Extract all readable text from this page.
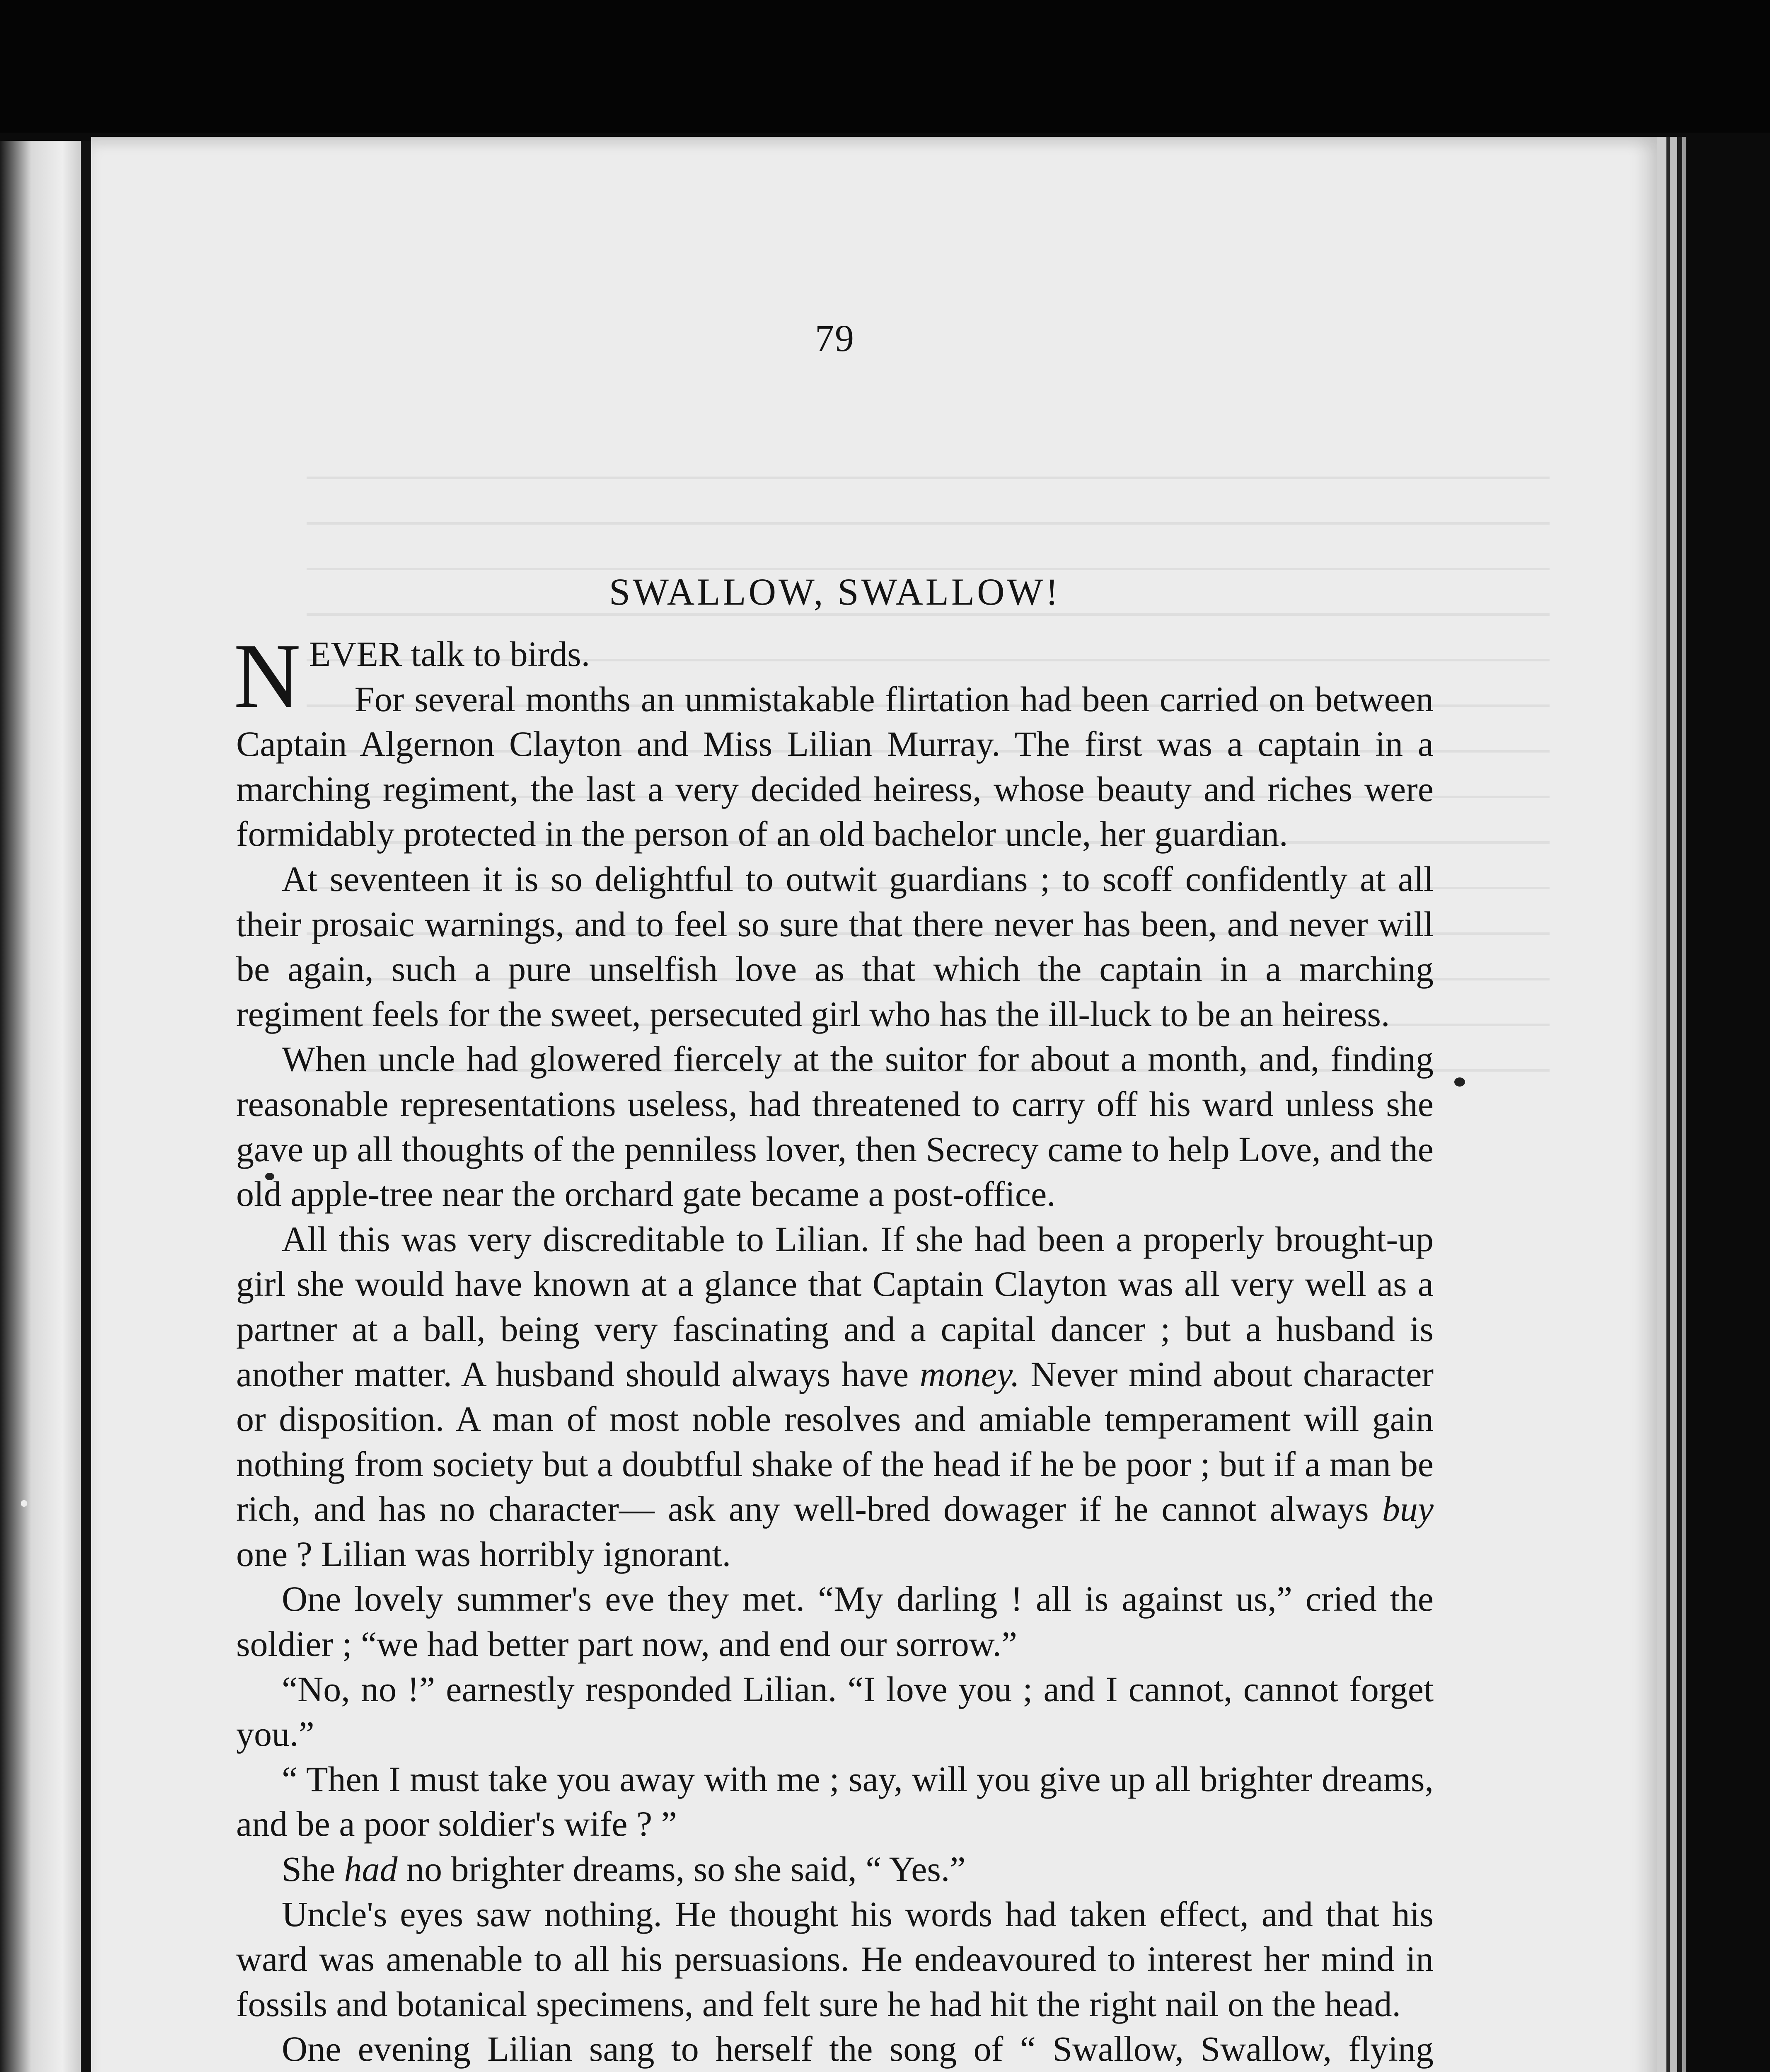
79
SWALLOW, SWALLOW!

NEVER talk to birds.

For several months an unmistakable flirtation had been carried on between Captain Algernon Clayton and Miss Lilian Murray. The first was a captain in a marching regiment, the last a very decided heiress, whose beauty and riches were formidably protected in the person of an old bachelor uncle, her guardian.

At seventeen it is so delightful to outwit guardians ; to scoff confidently at all their prosaic warnings, and to feel so sure that there never has been, and never will be again, such a pure unselfish love as that which the captain in a marching regiment feels for the sweet, persecuted girl who has the ill-luck to be an heiress.

When uncle had glowered fiercely at the suitor for about a month, and, finding reasonable representations useless, had threatened to carry off his ward unless she gave up all thoughts of the penniless lover, then Secrecy came to help Love, and the old apple-tree near the orchard gate became a post-office.

All this was very discreditable to Lilian. If she had been a properly brought-up girl she would have known at a glance that Captain Clayton was all very well as a partner at a ball, being very fascinating and a capital dancer ; but a husband is another matter. A husband should always have money. Never mind about character or disposition. A man of most noble resolves and amiable temperament will gain nothing from society but a doubtful shake of the head if he be poor ; but if a man be rich, and has no character— ask any well-bred dowager if he cannot always buy one ? Lilian was horribly ignorant.

One lovely summer's eve they met. “My darling ! all is against us,” cried the soldier ; “we had better part now, and end our sorrow.”

“No, no !” earnestly responded Lilian. “I love you ; and I cannot, cannot forget you.”

“ Then I must take you away with me ; say, will you give up all brighter dreams, and be a poor soldier's wife ? ”

She had no brighter dreams, so she said, “ Yes.”

Uncle's eyes saw nothing. He thought his words had taken effect, and that his ward was amenable to all his persuasions. He endeavoured to interest her mind in fossils and botanical specimens, and felt sure he had hit the right nail on the head.

One evening Lilian sang to herself the song of “ Swallow, Swallow, flying
